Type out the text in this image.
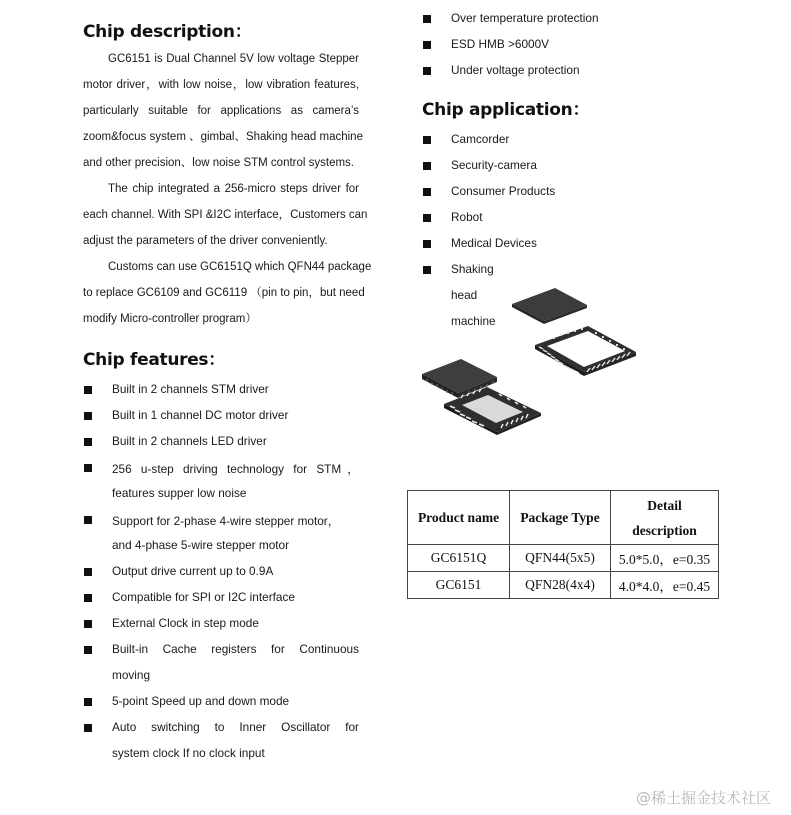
Chip description：
GC6151 is Dual Channel 5V low voltage Stepper
motor driver，with low noise，low vibration features,
particularly suitable for applications as camera’s
zoom&focus system 、gimbal、Shaking head machine
and other precision、low noise STM control systems.
The chip integrated a 256-micro steps driver for
each channel. With SPI &I2C interface，Customers can
adjust the parameters of the driver conveniently.
Customs can use GC6151Q which QFN44 package
to replace GC6109 and GC6119 （pin to pin，but need
modify Micro-controller program）
Chip features：
Built in 2 channels STM driver
Built in 1 channel DC motor driver
Built in 2 channels LED driver
256 u-step driving technology for STM，
features supper low noise
Support for 2-phase 4-wire stepper motor，
and 4-phase 5-wire stepper motor
Output drive current up to 0.9A
Compatible for SPI or I2C interface
External Clock in step mode
Built-in Cache registers for Continuous
moving
5-point Speed up and down mode
Auto switching to Inner Oscillator for
system clock If no clock input
Over temperature protection
ESD HMB >6000V
Under voltage protection
Chip application：
Camcorder
Security-camera
Consumer Products
Robot
Medical Devices
Shaking
head
machine
Product name	Package Type	Detail
description

GC6151Q	QFN44(5x5)	5.0*5.0，e=0.35
GC6151	QFN28(4x4)	4.0*4.0，e=0.45
@稀土掘金技术社区
